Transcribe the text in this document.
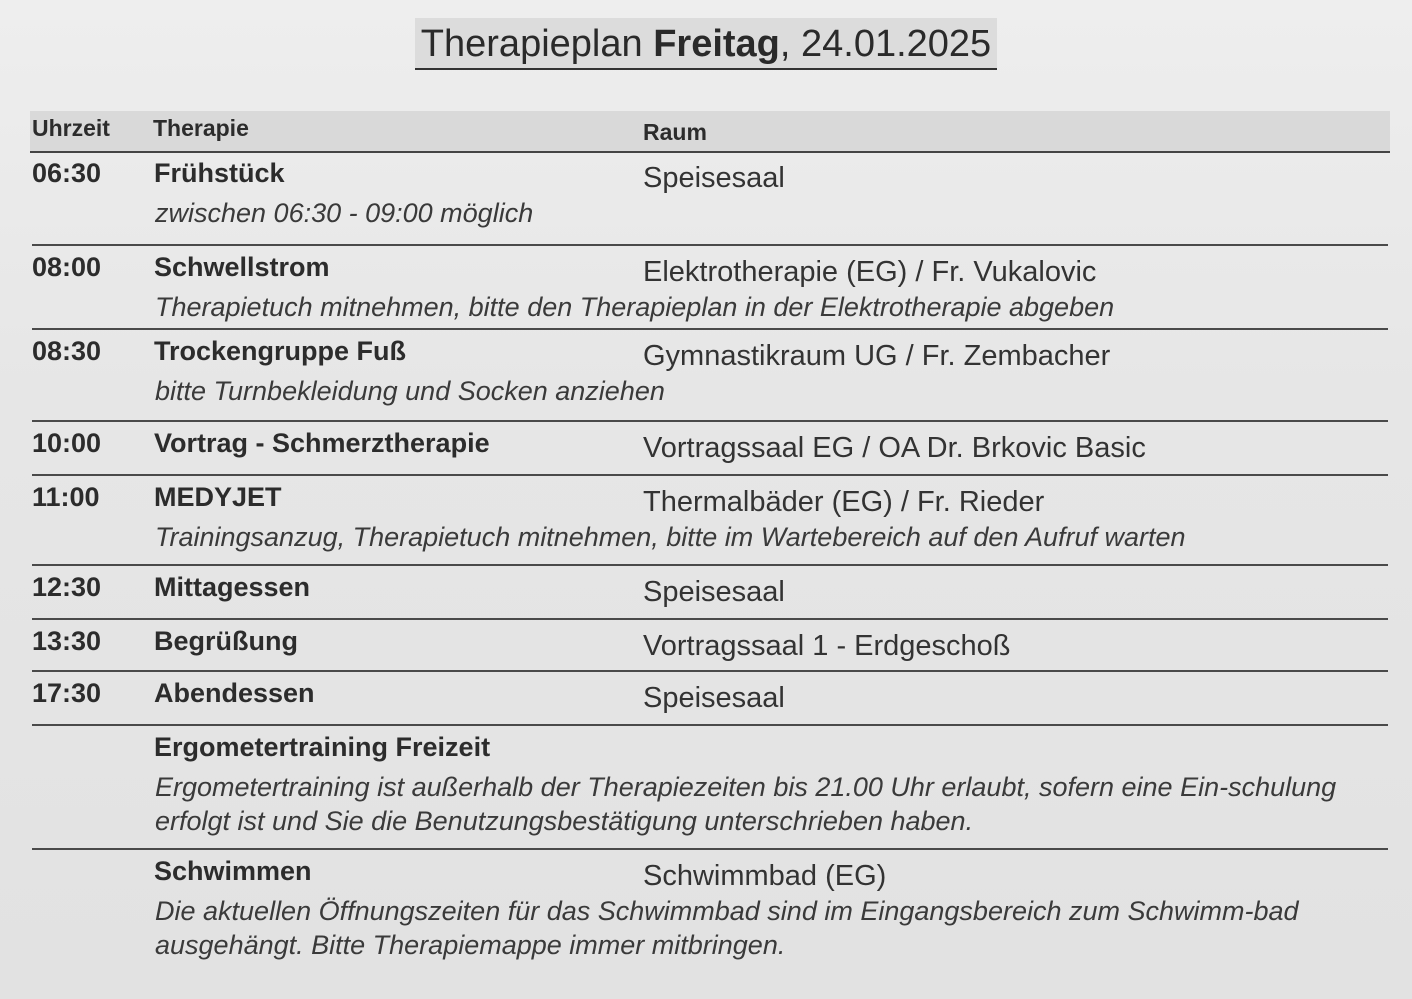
Therapieplan Freitag, 24.01.2025
Uhrzeit Therapie	Raum
06:30 Frühstück	Speisesaal
zwischen 06:30 - 09:00 möglich
08:00 Schwellstrom	Elektrotherapie (EG) / Fr. Vukalovic
Therapietuch mitnehmen, bitte den Therapieplan in der Elektrotherapie abgeben
08:30 Trockengruppe Fuß	Gymnastikraum UG / Fr. Zembacher
bitte Turnbekleidung und Socken anziehen
10:00 Vortrag - Schmerztherapie	Vortragssaal EG / OA Dr. Brkovic Basic
11:00 MEDYJET	Thermalbäder (EG) / Fr. Rieder
Trainingsanzug, Therapietuch mitnehmen, bitte im Wartebereich auf den Aufruf warten
12:30 Mittagessen	Speisesaal
13:30 Begrüßung	Vortragssaal 1 - Erdgeschoß
17:30 Abendessen	Speisesaal
Ergometertraining Freizeit
Ergometertraining ist außerhalb der Therapiezeiten bis 21.00 Uhr erlaubt, sofern eine Ein-schulung erfolgt ist und Sie die Benutzungsbestätigung unterschrieben haben.
Schwimmen	Schwimmbad (EG)
Die aktuellen Öffnungszeiten für das Schwimmbad sind im Eingangsbereich zum Schwimm-bad ausgehängt. Bitte Therapiemappe immer mitbringen.
